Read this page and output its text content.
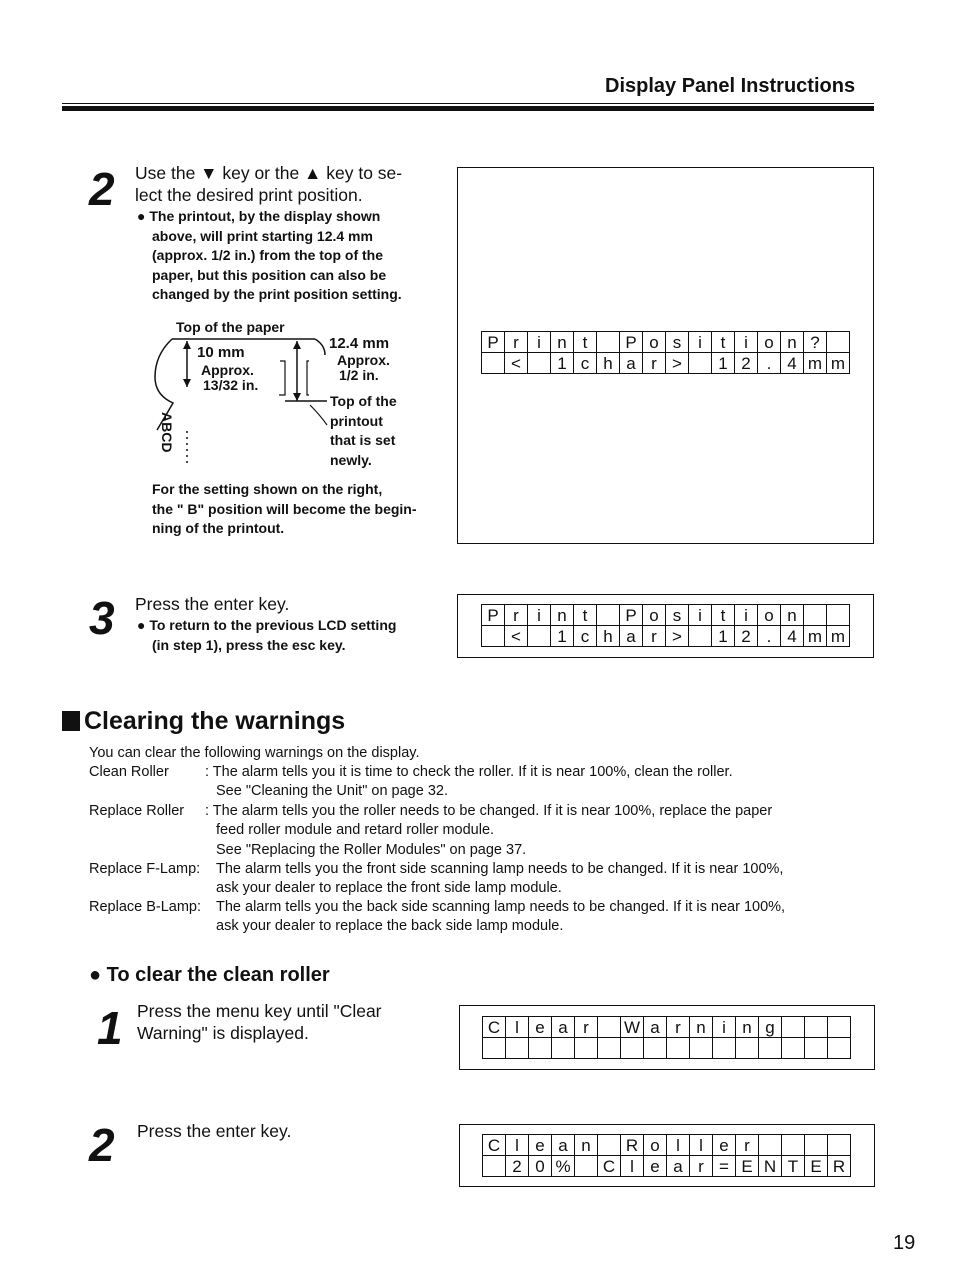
Display Panel Instructions
2 Use the ▼ key or the ▲ key to se-
lect the desired print position.
● The printout, by the display shown
above, will print starting 12.4 mm
(approx. 1/2 in.) from the top of the
paper, but this position can also be
changed by the print position setting.
Top of the paper
10 mm
Approx.
13/32 in.
12.4 mm
Approx.
1/2 in.
ABCD
Top of the
printout
that is set
newly.
For the setting shown on the right,
the " B" position will become the begin-
ning of the printout.
P r	i n t	P o s i	t	i o n ?
<	1 c h a r >	1 2 . 4 m m
3 Press the enter key.
● To return to the previous LCD setting
(in step 1), press the esc key.
P r	i n t	P o s i	t	i o n
<	1 c h a r >	1 2 . 4 m m
Clearing the warnings
You can clear the following warnings on the display.
Clean Roller : The alarm tells you it is time to check the roller. If it is near 100%, clean the roller.
See "Cleaning the Unit" on page 32.
Replace Roller : The alarm tells you the roller needs to be changed. If it is near 100%, replace the paper
feed roller module and retard roller module.
See "Replacing the Roller Modules" on page 37.
Replace F-Lamp: The alarm tells you the front side scanning lamp needs to be changed. If it is near 100%,
ask your dealer to replace the front side lamp module.
Replace B-Lamp: The alarm tells you the back side scanning lamp needs to be changed. If it is near 100%,
ask your dealer to replace the back side lamp module.
● To clear the clean roller
1 Press the menu key until "Clear
Warning" is displayed.	C l e a r	W a r n i n g
2 Press the enter key.
C l e a n	R o l	l e r
2 0 % C l e a r = E N T E R
19
